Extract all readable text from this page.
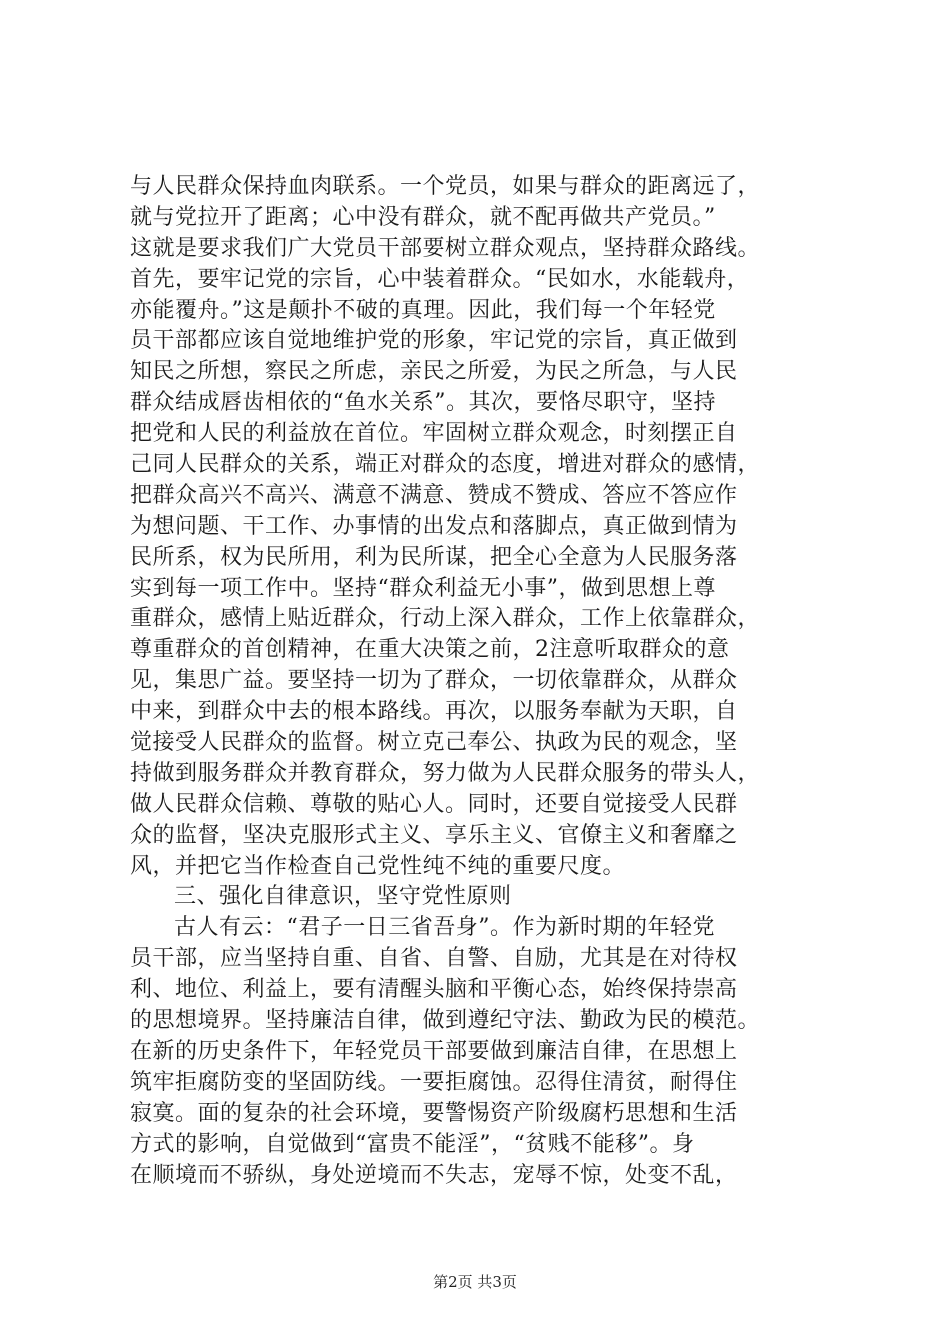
与人民群众保持血肉联系。一个党员，如果与群众的距离远了，
就与党拉开了距离；心中没有群众，就不配再做共产党员。”
这就是要求我们广大党员干部要树立群众观点，坚持群众路线。
首先，要牢记党的宗旨，心中装着群众。“民如水，水能载舟，
亦能覆舟。”这是颠扑不破的真理。因此，我们每一个年轻党
员干部都应该自觉地维护党的形象，牢记党的宗旨，真正做到
知民之所想，察民之所虑，亲民之所爱，为民之所急，与人民
群众结成唇齿相依的“鱼水关系”。其次，要恪尽职守，坚持
把党和人民的利益放在首位。牢固树立群众观念，时刻摆正自
己同人民群众的关系，端正对群众的态度，增进对群众的感情，
把群众高兴不高兴、满意不满意、赞成不赞成、答应不答应作
为想问题、干工作、办事情的出发点和落脚点，真正做到情为
民所系，权为民所用，利为民所谋，把全心全意为人民服务落
实到每一项工作中。坚持“群众利益无小事”，做到思想上尊
重群众，感情上贴近群众，行动上深入群众，工作上依靠群众，
尊重群众的首创精神，在重大决策之前，2注意听取群众的意
见，集思广益。要坚持一切为了群众，一切依靠群众，从群众
中来，到群众中去的根本路线。再次，以服务奉献为天职，自
觉接受人民群众的监督。树立克己奉公、执政为民的观念，坚
持做到服务群众并教育群众，努力做为人民群众服务的带头人，
做人民群众信赖、尊敬的贴心人。同时，还要自觉接受人民群
众的监督，坚决克服形式主义、享乐主义、官僚主义和奢靡之
风，并把它当作检查自己党性纯不纯的重要尺度。
三、强化自律意识，坚守党性原则
古人有云：“君子一日三省吾身”。作为新时期的年轻党
员干部，应当坚持自重、自省、自警、自励，尤其是在对待权
利、地位、利益上，要有清醒头脑和平衡心态，始终保持崇高
的思想境界。坚持廉洁自律，做到遵纪守法、勤政为民的模范。
在新的历史条件下，年轻党员干部要做到廉洁自律，在思想上
筑牢拒腐防变的坚固防线。一要拒腐蚀。忍得住清贫，耐得住
寂寞。面的复杂的社会环境，要警惕资产阶级腐朽思想和生活
方式的影响，自觉做到“富贵不能淫”，“贫贱不能移”。身
在顺境而不骄纵，身处逆境而不失志，宠辱不惊，处变不乱，
第2页 共3页
